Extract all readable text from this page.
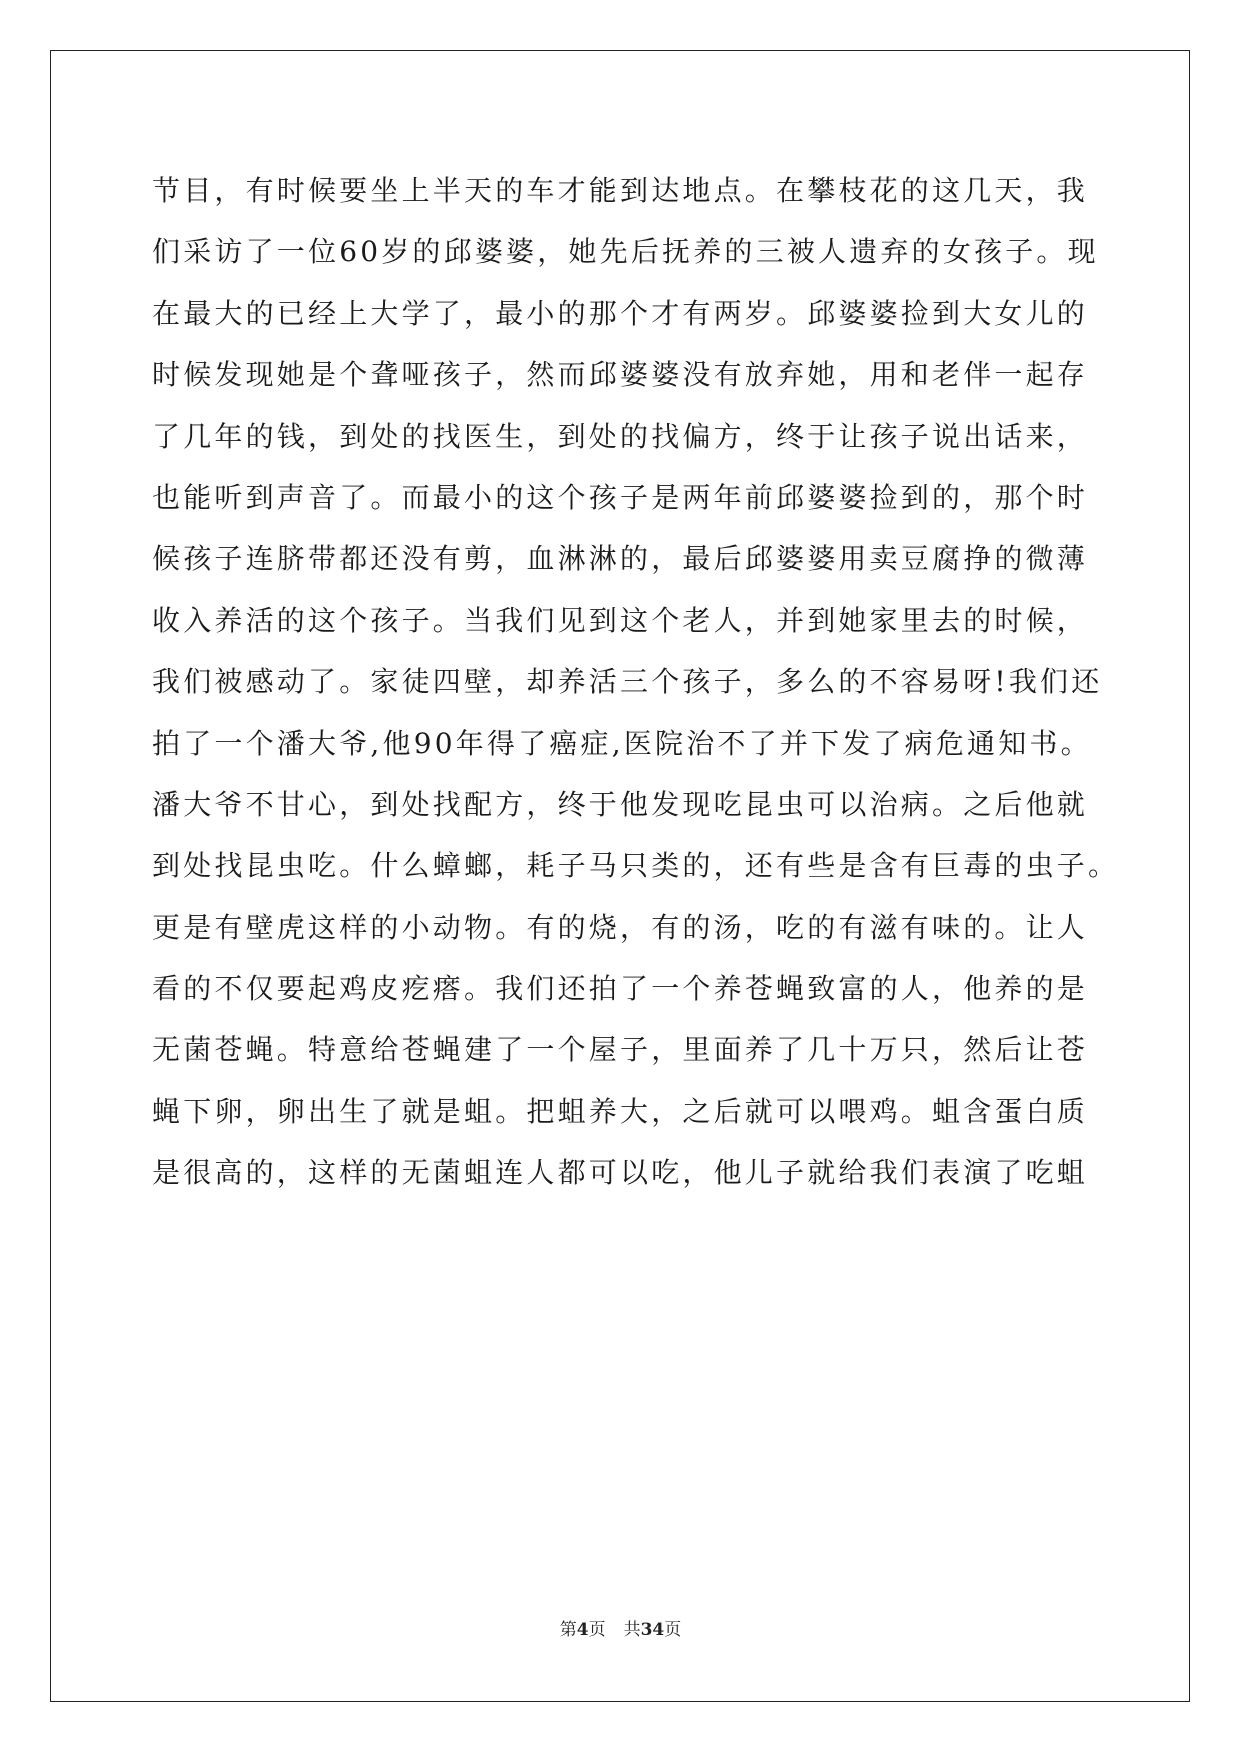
节目，有时候要坐上半天的车才能到达地点。在攀枝花的这几天，我
们采访了一位60岁的邱婆婆，她先后抚养的三被人遗弃的女孩子。现
在最大的已经上大学了，最小的那个才有两岁。邱婆婆捡到大女儿的
时候发现她是个聋哑孩子，然而邱婆婆没有放弃她，用和老伴一起存
了几年的钱，到处的找医生，到处的找偏方，终于让孩子说出话来，
也能听到声音了。而最小的这个孩子是两年前邱婆婆捡到的，那个时
候孩子连脐带都还没有剪，血淋淋的，最后邱婆婆用卖豆腐挣的微薄
收入养活的这个孩子。当我们见到这个老人，并到她家里去的时候，
我们被感动了。家徒四壁，却养活三个孩子，多么的不容易呀!我们还
拍了一个潘大爷,他90年得了癌症,医院治不了并下发了病危通知书。
潘大爷不甘心，到处找配方，终于他发现吃昆虫可以治病。之后他就
到处找昆虫吃。什么蟑螂，耗子马只类的，还有些是含有巨毒的虫子。
更是有壁虎这样的小动物。有的烧，有的汤，吃的有滋有味的。让人
看的不仅要起鸡皮疙瘩。我们还拍了一个养苍蝇致富的人，他养的是
无菌苍蝇。特意给苍蝇建了一个屋子，里面养了几十万只，然后让苍
蝇下卵，卵出生了就是蛆。把蛆养大，之后就可以喂鸡。蛆含蛋白质
是很高的，这样的无菌蛆连人都可以吃，他儿子就给我们表演了吃蛆
第4页 共34页
